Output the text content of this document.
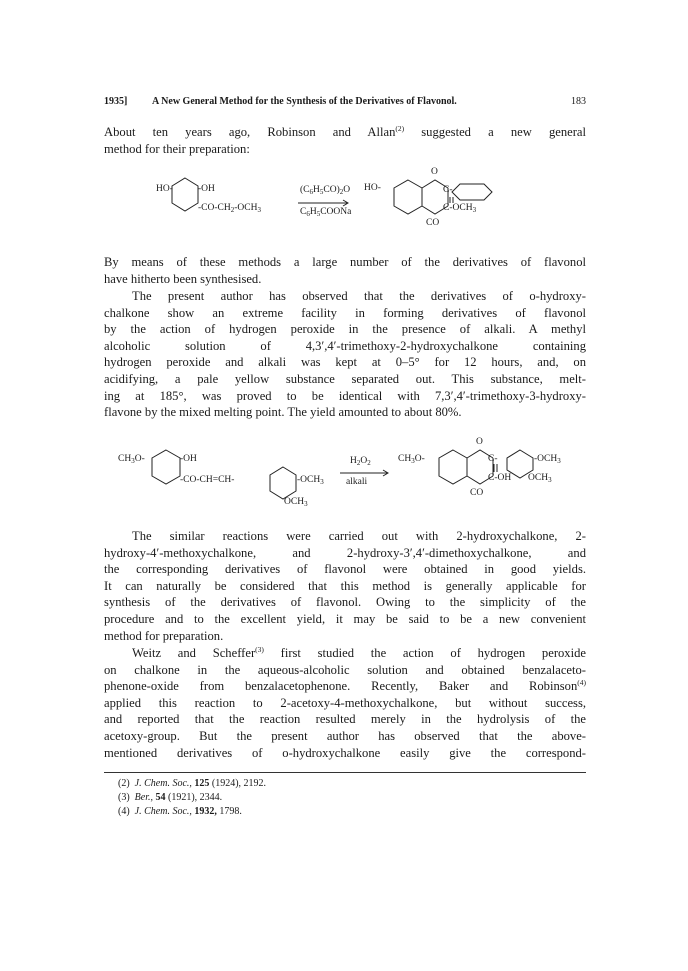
1935] A New General Method for the Synthesis of the Derivatives of Flavonol.	183
About ten years ago, Robinson and Allan$^{(2)}$ suggested a new general
method for their preparation:
HO-	-OH
$-CO-CH_2-OCH_3$
$(C_6H_5CO)_2O$
$C_6H_5COONa$
HO-
O
C-
$C-OCH_3$
CO
By means of these methods a large number of the derivatives of flavonol
have hitherto been synthesised.
The present author has observed that the derivatives of o-hydroxy-
chalkone show an extreme facility in forming derivatives of flavonol
by the action of hydrogen peroxide in the presence of alkali. A methyl
alcoholic solution of 4,3′,4′-trimethoxy-2-hydroxychalkone containing
hydrogen peroxide and alkali was kept at 0–5° for 12 hours, and, on
acidifying, a pale yellow substance separated out. This substance, melt-
ing at 185°, was proved to be identical with 7,3′,4′-trimethoxy-3-hydroxy-
flavone by the mixed melting point. The yield amounted to about 80%.
$CH_3O-$	-OH
-CO-CH=CH-	$-OCH_3$
$OCH_3$
$H_2O_2$
alkali
$CH_3O-$
O
C-
C-OH
CO
$-OCH_3$
$OCH_3$
The similar reactions were carried out with 2-hydroxychalkone, 2-
hydroxy-4′-methoxychalkone, and 2-hydroxy-3′,4′-dimethoxychalkone, and
the corresponding derivatives of flavonol were obtained in good yields.
It can naturally be considered that this method is generally applicable for
synthesis of the derivatives of flavonol. Owing to the simplicity of the
procedure and to the excellent yield, it may be said to be a new convenient
method for preparation.
Weitz and Scheffer$^{(3)}$ first studied the action of hydrogen peroxide
on chalkone in the aqueous-alcoholic solution and obtained benzalaceto-
phenone-oxide from benzalacetophenone. Recently, Baker and Robinson$^{(4)}$
applied this reaction to 2-acetoxy-4-methoxychalkone, but without success,
and reported that the reaction resulted merely in the hydrolysis of the
acetoxy-group. But the present author has observed that the above-
mentioned derivatives of o-hydroxychalkone easily give the correspond-
(2) J. Chem. Soc., 125 (1924), 2192.
(3) Ber., 54 (1921), 2344.
(4) J. Chem. Soc., 1932, 1798.
